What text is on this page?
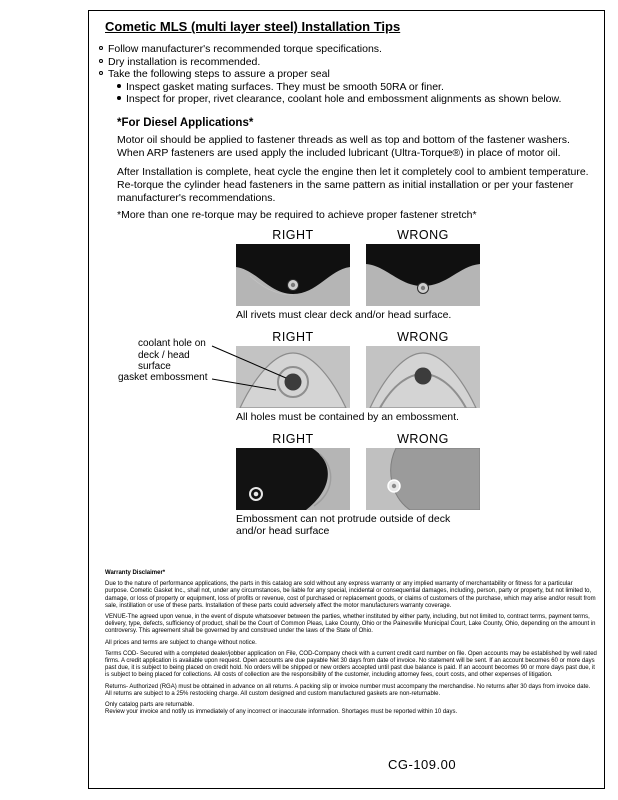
Cometic MLS (multi layer steel) Installation Tips
Follow manufacturer's recommended torque specifications.
Dry installation is recommended.
Take the following steps to assure a proper seal
Inspect gasket mating surfaces. They must be smooth 50RA or finer.
Inspect for proper, rivet clearance, coolant hole and embossment alignments as shown below.
*For Diesel Applications*

Motor oil should be applied to fastener threads as well as top and bottom of the fastener washers. When ARP fasteners are used apply the included lubricant (Ultra-Torque®) in place of motor oil.

After Installation is complete, heat cycle the engine then let it completely cool to ambient temperature. Re-torque the cylinder head fasteners in the same pattern as initial installation or per your fastener manufacturer's recommendations.

*More than one re-torque may be required to achieve proper fastener stretch*

RIGHT	WRONG
All rivets must clear deck and/or head surface.
coolant hole on deck / head surface
gasket embossment
RIGHT	WRONG
All holes must be contained by an embossment.
RIGHT	WRONG
Embossment can not protrude outside of deck and/or head surface
Warranty Disclaimer*

Due to the nature of performance applications, the parts in this catalog are sold without any express warranty or any implied warranty of merchantability or fitness for a particular purpose. Cometic Gasket Inc., shall not, under any circumstances, be liable for any special, incidental or consequential damages, including, person, party or property, but not limited to, damage, or loss of property or equipment, loss of profits or revenue, cost of purchased or replacement goods, or claims of customers of the purchase, which may arise and/or result from sale, instillation or use of these parts. Installation of these parts could adversely affect the motor manufacturers warranty coverage.

VENUE-The agreed upon venue, in the event of dispute whatsoever between the parties, whether instituted by either party, including, but not limited to, contract terms, payment terms, delivery, type, defects, sufficiency of product, shall be the Court of Common Pleas, Lake County, Ohio or the Painesville Municipal Court, Lake County, Ohio, depending on the amount in controversy. This agreement shall be governed by and construed under the laws of the State of Ohio.

All prices and terms are subject to change without notice.

Terms COD- Secured with a completed dealer/jobber application on File, COD-Company check with a current credit card number on file. Open accounts may be established by well rated firms. A credit application is available upon request. Open accounts are due payable Net 30 days from date of invoice. No statement will be sent. If an account becomes 60 or more days past due, it is subject to being placed on credit hold. No orders will be shipped or new orders accepted until past due balance is paid. If an account becomes 90 or more days past due, it is subject to being placed for collections. All costs of collection are the responsibility of the customer, including attorney fees, court costs, and other expenses of litigation.

Returns- Authorized (RGA) must be obtained in advance on all returns. A packing slip or invoice number must accompany the merchandise. No returns after 30 days from invoice date. All returns are subject to a 25% restocking charge. All custom designed and custom manufactured gaskets are non-returnable.

Only catalog parts are returnable.

Review your invoice and notify us immediately of any incorrect or inaccurate information. Shortages must be reported within 10 days.

CG-109.00
